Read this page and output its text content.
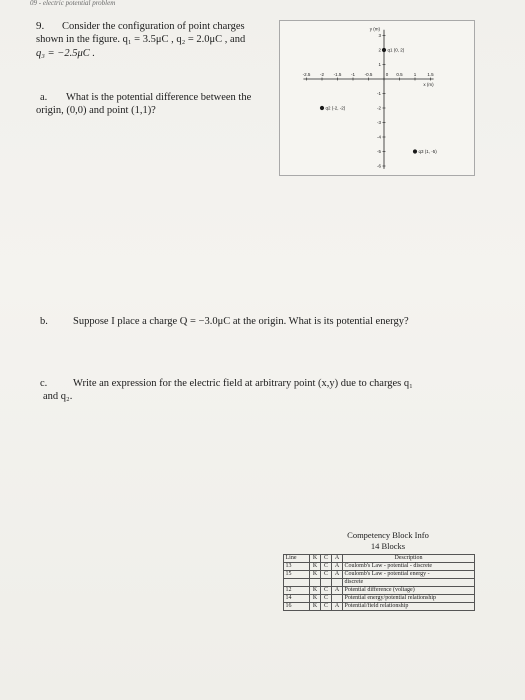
09 - electric potential problem
9. Consider the configuration of point charges
shown in the figure. q₁ = 3.5μC , q₂ = 2.0μC , and
q₃ = −2.5μC .
a. What is the potential difference between the
origin, (0,0) and point (1,1)?
-2.5 -2 -1.5 -1 -0.5	0 0.5 1 1.5
3
2
1
-1
-2
-3
-4
-5
-6
y (m)
x (m)
q1 (0, 2)
q2 (-2, -2)
q3 (1, -5)
b. Suppose I place a charge Q = −3.0μC at the origin. What is its potential energy?
c. Write an expression for the electric field at arbitrary point (x,y) due to charges q₁
and q₂.
Competency Block Info
14 Blocks
Line	K	C	A	Description
13	K	C	A	Coulomb's Law - potential - discrete
15	K	C	A	Coulomb's Law - potential energy -
				discrete
12	K	C	A	Potential difference (voltage)
14	K	C		Potential energy/potential relationship
16	K	C	A	Potential/field relationship
